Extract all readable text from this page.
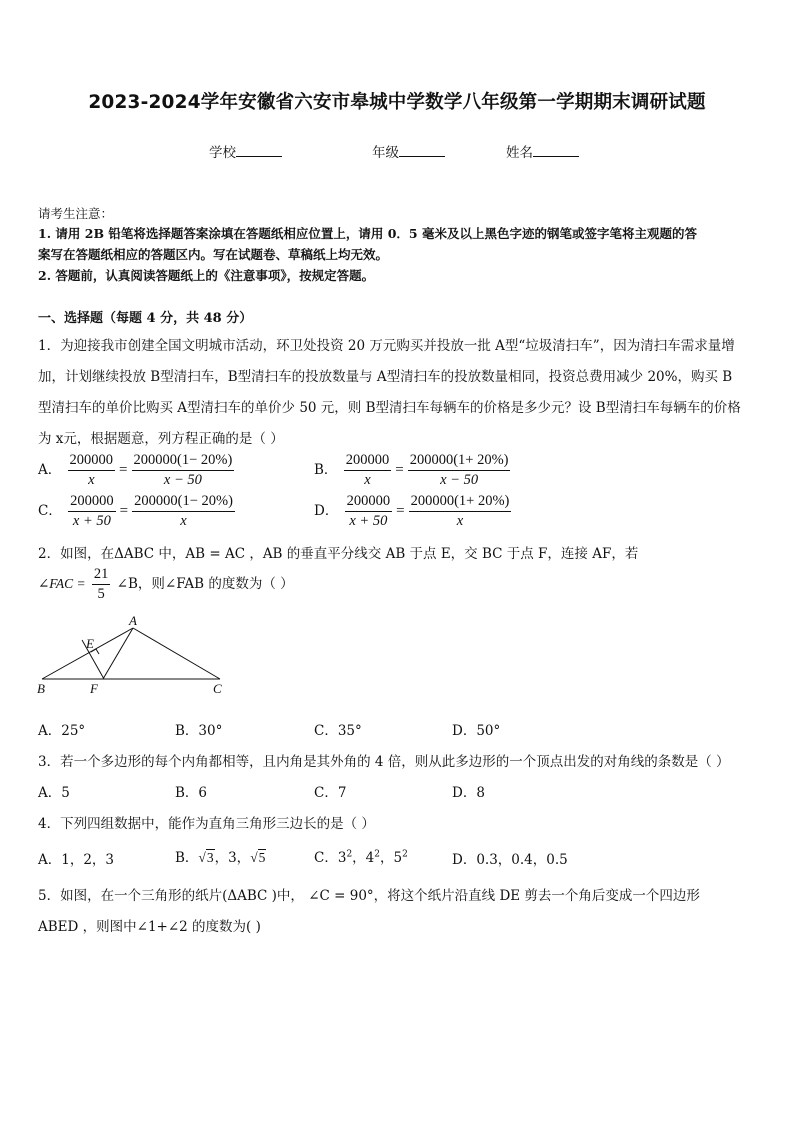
2023-2024学年安徽省六安市皋城中学数学八年级第一学期期末调研试题
学校	年级	姓名
请考生注意：
1. 请用 2B 铅笔将选择题答案涂填在答题纸相应位置上，请用 0．5 毫米及以上黑色字迹的钢笔或签字笔将主观题的答
案写在答题纸相应的答题区内。写在试题卷、草稿纸上均无效。
2. 答题前，认真阅读答题纸上的《注意事项》，按规定答题。
一、选择题（每题 4 分，共 48 分）
1．为迎接我市创建全国文明城市活动，环卫处投资 20 万元购买并投放一批 A型“垃圾清扫车”，因为清扫车需求量增
加，计划继续投放 B型清扫车，B型清扫车的投放数量与 A型清扫车的投放数量相同，投资总费用减少 20%，购买 B
型清扫车的单价比购买 A型清扫车的单价少 50 元，则 B型清扫车每辆车的价格是多少元？设 B型清扫车每辆车的价格
为 x元，根据题意，列方程正确的是（ ）
A． $\frac{200000}{x} = \frac{200000(1- 20\%)}{x - 50}$	B． $\frac{200000}{x} = \frac{200000(1+ 20\%)}{x - 50}$
C． $\frac{200000}{x + 50} = \frac{200000(1- 20\%)}{x}$	D． $\frac{200000}{x + 50} = \frac{200000(1+ 20\%)}{x}$
2．如图，在ΔABC 中，AB = AC ，AB 的垂直平分线交 AB 于点 E，交 BC 于点 F，连接 AF，若
∠FAC = $\frac{21}{5}$ ∠B，则∠FAB 的度数为（ ）
A
B	C
E
F
A．25°	B．30°	C．35°	D．50°
3．若一个多边形的每个内角都相等，且内角是其外角的 4 倍，则从此多边形的一个顶点出发的对角线的条数是（ ）
A．5	B．6	C．7	D．8
4．下列四组数据中，能作为直角三角形三边长的是（ ）
A．1，2，3	B．√3，3，√5	C．$3^2$，$4^2$，$5^2$	D．0.3，0.4，0.5
5．如图，在一个三角形的纸片(ΔABC )中， ∠C = 90°，将这个纸片沿直线 DE 剪去一个角后变成一个四边形
ABED ，则图中∠1+∠2 的度数为( )
